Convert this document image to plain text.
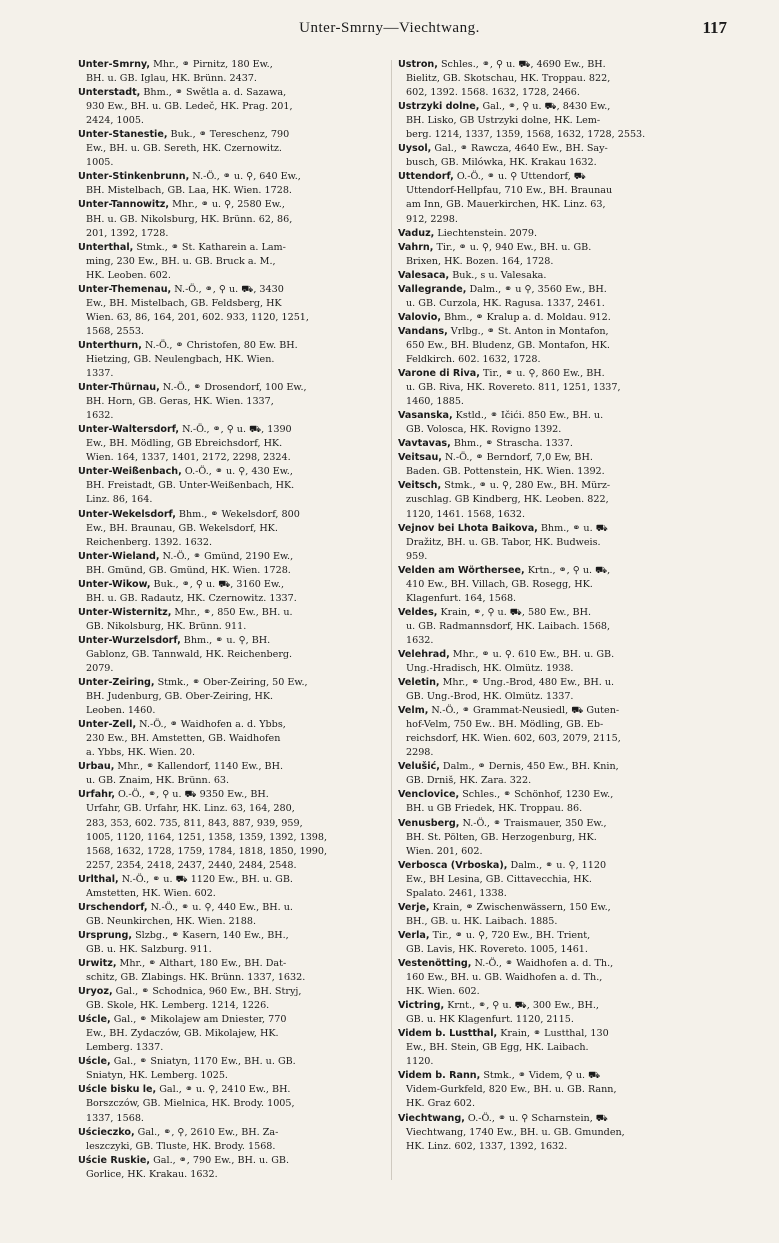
Unter-Smrny—Viechtwang.	117
Unter-Smrny, Mhr., ⚭ Pirnitz, 180 Ew.,
BH. u. GB. Iglau, HK. Brünn. 2437.
Unterstadt, Bhm., ⚭ Swětla a. d. Sazawa,
930 Ew., BH. u. GB. Ledeč, HK. Prag. 201,
2424, 1005.
Unter-Stanestie, Buk., ⚭ Tereschenz, 790
Ew., BH. u. GB. Sereth, HK. Czernowitz.
1005.
Unter-Stinkenbrunn, N.-Ö., ⚭ u. ⚲, 640 Ew.,
BH. Mistelbach, GB. Laa, HK. Wien. 1728.
Unter-Tannowitz, Mhr., ⚭ u. ⚲, 2580 Ew.,
BH. u. GB. Nikolsburg, HK. Brünn. 62, 86,
201, 1392, 1728.
Unterthal, Stmk., ⚭ St. Katharein a. Lam-
ming, 230 Ew., BH. u. GB. Bruck a. M.,
HK. Leoben. 602.
Unter-Themenau, N.-Ö., ⚭, ⚲ u. ⛟, 3430
Ew., BH. Mistelbach, GB. Feldsberg, HK
Wien. 63, 86, 164, 201, 602. 933, 1120, 1251,
1568, 2553.
Unterthurn, N.-Ö., ⚭ Christofen, 80 Ew. BH.
Hietzing, GB. Neulengbach, HK. Wien.
1337.
Unter-Thürnau, N.-Ö., ⚭ Drosendorf, 100 Ew.,
BH. Horn, GB. Geras, HK. Wien. 1337,
1632.
Unter-Waltersdorf, N.-Ö., ⚭, ⚲ u. ⛟, 1390
Ew., BH. Mödling, GB Ebreichsdorf, HK.
Wien. 164, 1337, 1401, 2172, 2298, 2324.
Unter-Weißenbach, O.-Ö., ⚭ u. ⚲, 430 Ew.,
BH. Freistadt, GB. Unter-Weißenbach, HK.
Linz. 86, 164.
Unter-Wekelsdorf, Bhm., ⚭ Wekelsdorf, 800
Ew., BH. Braunau, GB. Wekelsdorf, HK.
Reichenberg. 1392. 1632.
Unter-Wieland, N.-Ö., ⚭ Gmünd, 2190 Ew.,
BH. Gmünd, GB. Gmünd, HK. Wien. 1728.
Unter-Wikow, Buk., ⚭, ⚲ u. ⛟, 3160 Ew.,
BH. u. GB. Radautz, HK. Czernowitz. 1337.
Unter-Wisternitz, Mhr., ⚭, 850 Ew., BH. u.
GB. Nikolsburg, HK. Brünn. 911.
Unter-Wurzelsdorf, Bhm., ⚭ u. ⚲, BH.
Gablonz, GB. Tannwald, HK. Reichenberg.
2079.
Unter-Zeiring, Stmk., ⚭ Ober-Zeiring, 50 Ew.,
BH. Judenburg, GB. Ober-Zeiring, HK.
Leoben. 1460.
Unter-Zell, N.-Ö., ⚭ Waidhofen a. d. Ybbs,
230 Ew., BH. Amstetten, GB. Waidhofen
a. Ybbs, HK. Wien. 20.
Urbau, Mhr., ⚭ Kallendorf, 1140 Ew., BH.
u. GB. Znaim, HK. Brünn. 63.
Urfahr, O.-Ö., ⚭, ⚲ u. ⛟ 9350 Ew., BH.
Urfahr, GB. Urfahr, HK. Linz. 63, 164, 280,
283, 353, 602. 735, 811, 843, 887, 939, 959,
1005, 1120, 1164, 1251, 1358, 1359, 1392, 1398,
1568, 1632, 1728, 1759, 1784, 1818, 1850, 1990,
2257, 2354, 2418, 2437, 2440, 2484, 2548.
Urlthal, N.-Ö., ⚭ u. ⛟ 1120 Ew., BH. u. GB.
Amstetten, HK. Wien. 602.
Urschendorf, N.-Ö., ⚭ u. ⚲, 440 Ew., BH. u.
GB. Neunkirchen, HK. Wien. 2188.
Ursprung, Slzbg., ⚭ Kasern, 140 Ew., BH.,
GB. u. HK. Salzburg. 911.
Urwitz, Mhr., ⚭ Althart, 180 Ew., BH. Dat-
schitz, GB. Zlabings. HK. Brünn. 1337, 1632.
Uryoz, Gal., ⚭ Schodnica, 960 Ew., BH. Stryj,
GB. Skole, HK. Lemberg. 1214, 1226.
Uścle, Gal., ⚭ Mikolajew am Dniester, 770
Ew., BH. Zydaczów, GB. Mikolajew, HK.
Lemberg. 1337.
Uścle, Gal., ⚭ Sniatyn, 1170 Ew., BH. u. GB.
Sniatyn, HK. Lemberg. 1025.
Uścle bisku le, Gal., ⚭ u. ⚲, 2410 Ew., BH.
Borszczów, GB. Mielnica, HK. Brody. 1005,
1337, 1568.
Uścieczko, Gal., ⚭, ⚲, 2610 Ew., BH. Za-
leszczyki, GB. Tluste, HK. Brody. 1568.
Uście Ruskie, Gal., ⚭, 790 Ew., BH. u. GB.
Gorlice, HK. Krakau. 1632.
Ustron, Schles., ⚭, ⚲ u. ⛟, 4690 Ew., BH.
Bielitz, GB. Skotschau, HK. Troppau. 822,
602, 1392. 1568. 1632, 1728, 2466.
Ustrzyki dolne, Gal., ⚭, ⚲ u. ⛟, 8430 Ew.,
BH. Lisko, GB Ustrzyki dolne, HK. Lem-
berg. 1214, 1337, 1359, 1568, 1632, 1728, 2553.
Uysol, Gal., ⚭ Rawcza, 4640 Ew., BH. Say-
busch, GB. Milówka, HK. Krakau 1632.
Uttendorf, O.-Ö., ⚭ u. ⚲ Uttendorf, ⛟
Uttendorf-Hellpfau, 710 Ew., BH. Braunau
am Inn, GB. Mauerkirchen, HK. Linz. 63,
912, 2298.
Vaduz, Liechtenstein. 2079.
Vahrn, Tir., ⚭ u. ⚲, 940 Ew., BH. u. GB.
Brixen, HK. Bozen. 164, 1728.
Valesaca, Buk., s u. Valesaka.
Vallegrande, Dalm., ⚭ u ⚲, 3560 Ew., BH.
u. GB. Curzola, HK. Ragusa. 1337, 2461.
Valovio, Bhm., ⚭ Kralup a. d. Moldau. 912.
Vandans, Vrlbg., ⚭ St. Anton in Montafon,
650 Ew., BH. Bludenz, GB. Montafon, HK.
Feldkirch. 602. 1632, 1728.
Varone di Riva, Tir., ⚭ u. ⚲, 860 Ew., BH.
u. GB. Riva, HK. Rovereto. 811, 1251, 1337,
1460, 1885.
Vasanska, Kstld., ⚭ Ičići. 850 Ew., BH. u.
GB. Volosca, HK. Rovigno 1392.
Vavtavas, Bhm., ⚭ Strascha. 1337.
Veitsau, N.-Ö., ⚭ Berndorf, 7,0 Ew, BH.
Baden. GB. Pottenstein, HK. Wien. 1392.
Veitsch, Stmk., ⚭ u. ⚲, 280 Ew., BH. Mürz-
zuschlag. GB Kindberg, HK. Leoben. 822,
1120, 1461. 1568, 1632.
Vejnov bei Lhota Baikova, Bhm., ⚭ u. ⛟
Dražitz, BH. u. GB. Tabor, HK. Budweis.
959.
Velden am Wörthersee, Krtn., ⚭, ⚲ u. ⛟,
410 Ew., BH. Villach, GB. Rosegg, HK.
Klagenfurt. 164, 1568.
Veldes, Krain, ⚭, ⚲ u. ⛟, 580 Ew., BH.
u. GB. Radmannsdorf, HK. Laibach. 1568,
1632.
Velehrad, Mhr., ⚭ u. ⚲. 610 Ew., BH. u. GB.
Ung.-Hradisch, HK. Olmütz. 1938.
Veletin, Mhr., ⚭ Ung.-Brod, 480 Ew., BH. u.
GB. Ung.-Brod, HK. Olmütz. 1337.
Velm, N.-Ö., ⚭ Grammat-Neusiedl, ⛟ Guten-
hof-Velm, 750 Ew.. BH. Mödling, GB. Eb-
reichsdorf, HK. Wien. 602, 603, 2079, 2115,
2298.
Velušić, Dalm., ⚭ Dernis, 450 Ew., BH. Knin,
GB. Drniš, HK. Zara. 322.
Venclovice, Schles., ⚭ Schönhof, 1230 Ew.,
BH. u GB Friedek, HK. Troppau. 86.
Venusberg, N.-Ö., ⚭ Traismauer, 350 Ew.,
BH. St. Pölten, GB. Herzogenburg, HK.
Wien. 201, 602.
Verbosca (Vrboska), Dalm., ⚭ u. ⚲, 1120
Ew., BH Lesina, GB. Cittavecchia, HK.
Spalato. 2461, 1338.
Verje, Krain, ⚭ Zwischenwässern, 150 Ew.,
BH., GB. u. HK. Laibach. 1885.
Verla, Tir., ⚭ u. ⚲, 720 Ew., BH. Trient,
GB. Lavis, HK. Rovereto. 1005, 1461.
Vestenötting, N.-Ö., ⚭ Waidhofen a. d. Th.,
160 Ew., BH. u. GB. Waidhofen a. d. Th.,
HK. Wien. 602.
Victring, Krnt., ⚭, ⚲ u. ⛟, 300 Ew., BH.,
GB. u. HK Klagenfurt. 1120, 2115.
Videm b. Lustthal, Krain, ⚭ Lustthal, 130
Ew., BH. Stein, GB Egg, HK. Laibach.
1120.
Videm b. Rann, Stmk., ⚭ Videm, ⚲ u. ⛟
Videm-Gurkfeld, 820 Ew., BH. u. GB. Rann,
HK. Graz 602.
Viechtwang, O.-Ö., ⚭ u. ⚲ Scharnstein, ⛟
Viechtwang, 1740 Ew., BH. u. GB. Gmunden,
HK. Linz. 602, 1337, 1392, 1632.
